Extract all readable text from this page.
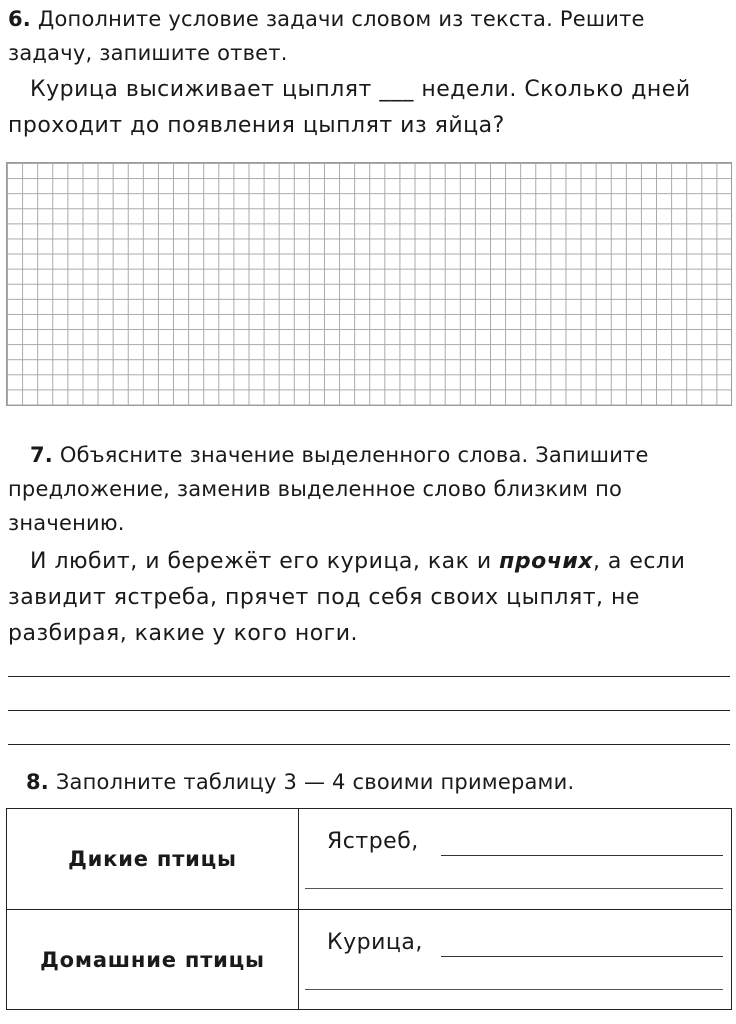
6. Дополните условие задачи словом из текста. Решите задачу, запишите ответ.
Курица высиживает цыплят ___ недели. Сколько дней проходит до появления цыплят из яйца?
7. Объясните значение выделенного слова. Запишите предложение, заменив выделенное слово близким по значению.
И любит, и бережёт его курица, как и прочих, а если завидит ястреба, прячет под себя своих цыплят, не разбирая, какие у кого ноги.
8. Заполните таблицу 3 — 4 своими примерами.
Дикие птицы
Ястреб,
Домашние птицы
Курица,
